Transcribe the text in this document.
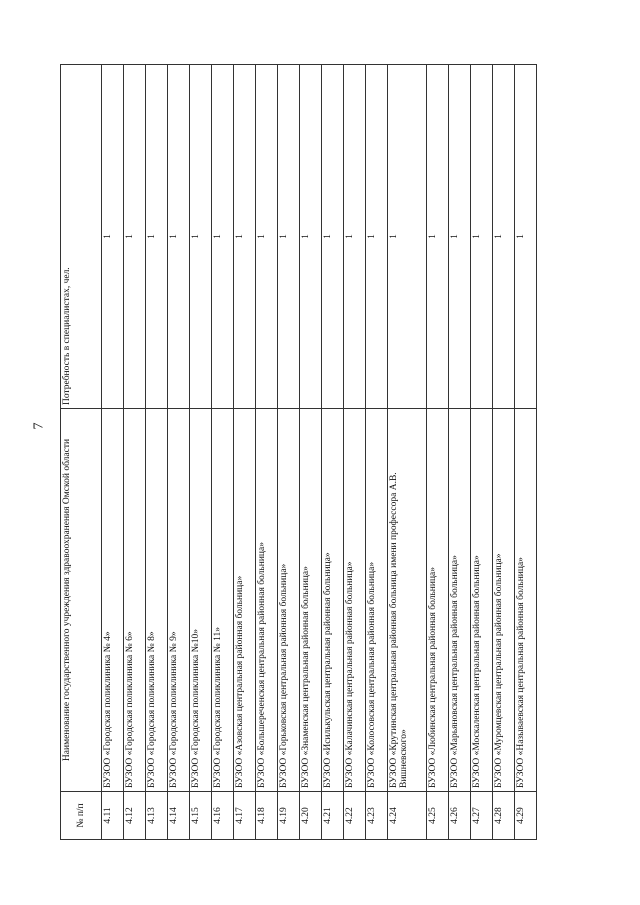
7
№ п/п	Наименование государственного учреждения здравоохранения Омской области	Потребность в специалистах, чел.
4.11	БУЗОО «Городская поликлиника № 4»	1
4.12	БУЗОО «Городская поликлиника № 6»	1
4.13	БУЗОО «Городская поликлиника № 8»	1
4.14	БУЗОО «Городская поликлиника № 9»	1
4.15	БУЗОО «Городская поликлиника №10»	1
4.16	БУЗОО «Городская поликлиника № 11»	1
4.17	БУЗОО «Азовская центральная районная больница»	1
4.18	БУЗОО «Большереченская центральная районная больница»	1
4.19	БУЗОО «Горьковская центральная районная больница»	1
4.20	БУЗОО «Знаменская центральная районная больница»	1
4.21	БУЗОО «Исилькульская центральная районная больница»	1
4.22	БУЗОО «Калачинская центральная районная больница»	1
4.23	БУЗОО «Колосовская центральная районная больница»	1
4.24	БУЗОО «Крутинская центральная районная больница имени профессора А.В. Вишневского»	1
4.25	БУЗОО «Любинская центральная районная больница»	1
4.26	БУЗОО «Марьяновская центральная районная больница»	1
4.27	БУЗОО «Москаленская центральная районная больница»	1
4.28	БУЗОО «Муромцевская центральная районная больница»	1
4.29	БУЗОО «Называевская центральная районная больница»	1
